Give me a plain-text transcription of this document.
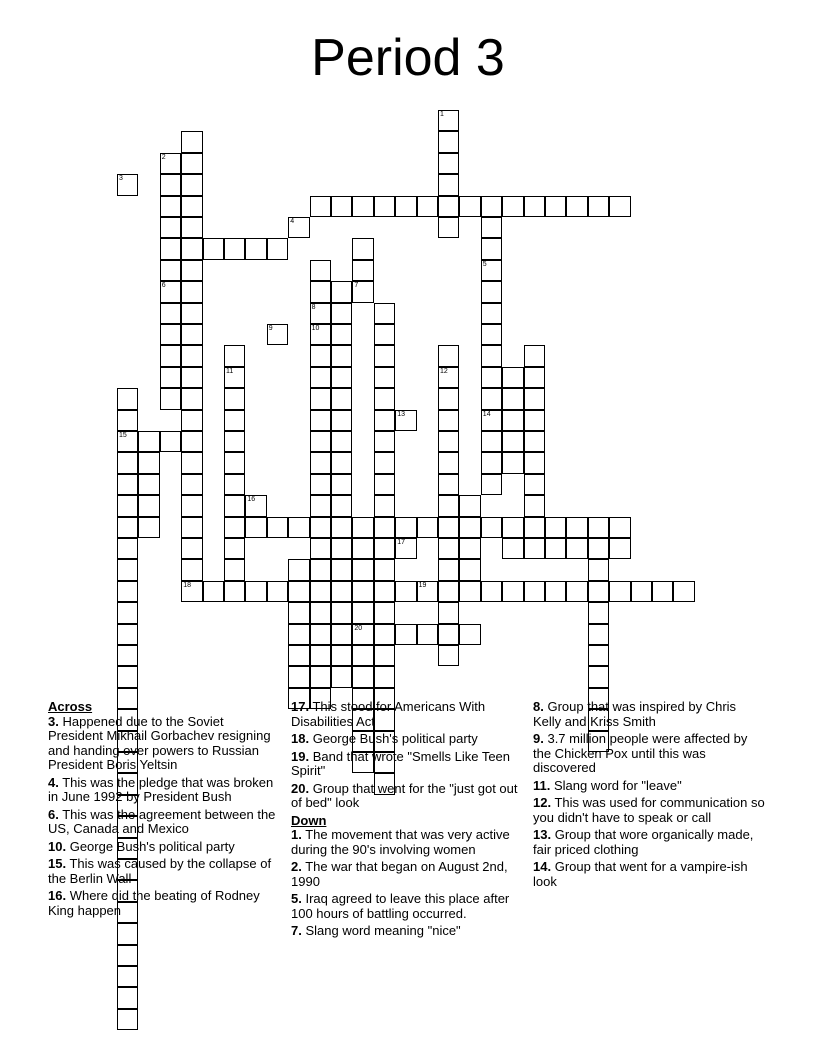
Period 3
1
2
6
18
5
7
8
10
14
11	12
15
20
19
3
4
9
13
16
17
Across
3. Happened due to the Soviet President Mikhail Gorbachev resigning and handing over powers to Russian President Boris Yeltsin
4. This was the pledge that was broken in June 1992 by President Bush
6. This was the agreement between the US, Canada and Mexico
10. George Bush's political party
15. This was caused by the collapse of the Berlin Wall
16. Where did the beating of Rodney King happen
17. This stood for Americans With Disabilities Act
18. George Bush's political party
19. Band that wrote "Smells Like Teen Spirit"
20. Group that went for the "just got out of bed" look
Down
1. The movement that was very active during the 90's involving women
2. The war that began on August 2nd, 1990
5. Iraq agreed to leave this place after 100 hours of battling occurred.
7. Slang word meaning "nice"
8. Group that was inspired by Chris Kelly and Kriss Smith
9. 3.7 million people were affected by the Chicken Pox until this was discovered
11. Slang word for "leave"
12. This was used for communication so you didn't have to speak or call
13. Group that wore organically made, fair priced clothing
14. Group that went for a vampire-ish look
